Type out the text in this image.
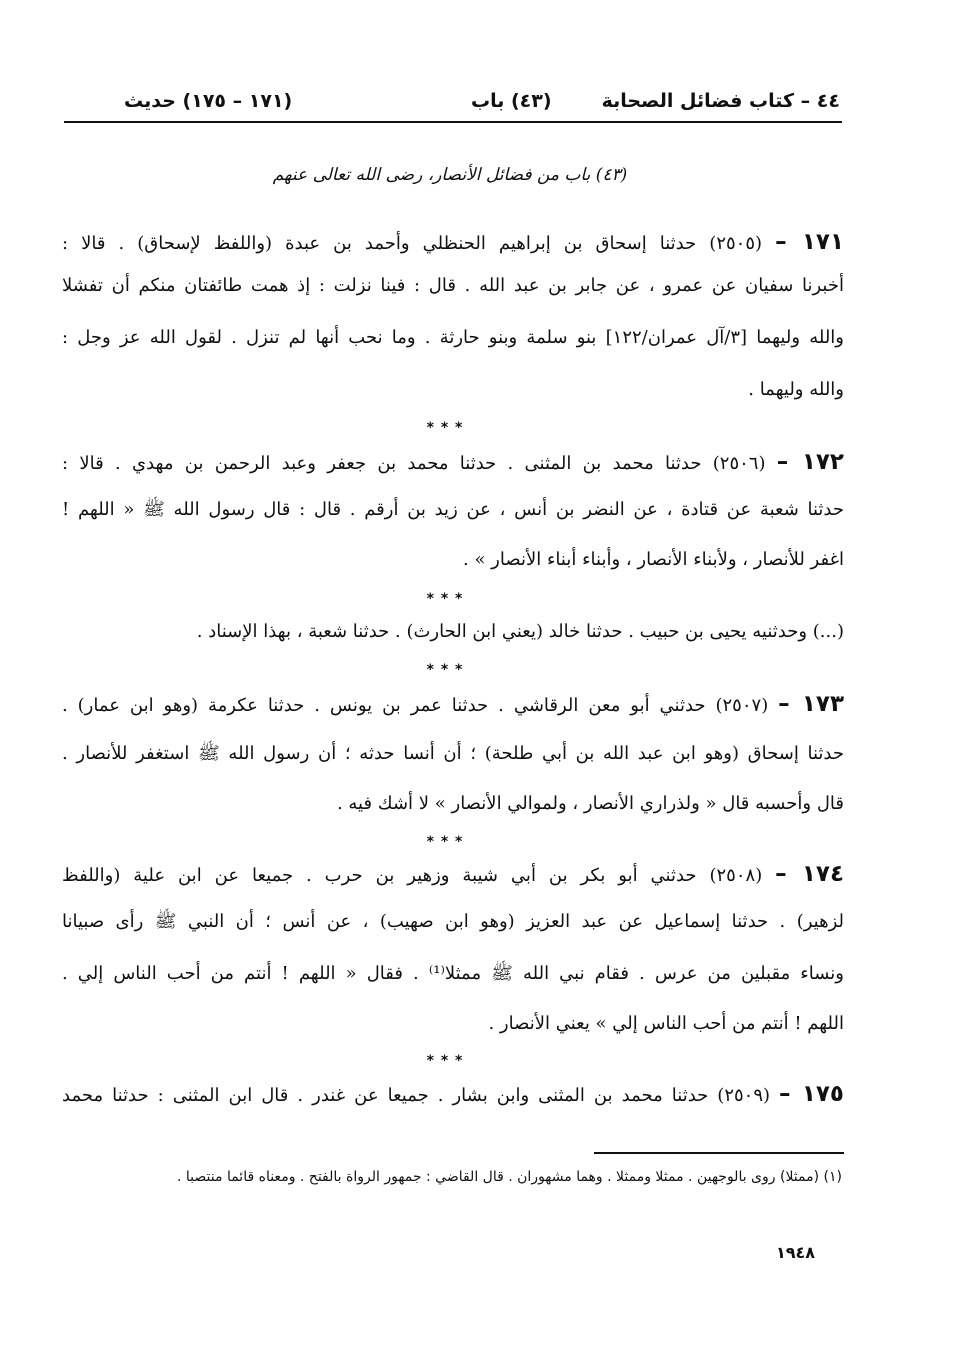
٤٤ – كتاب فضائل الصحابة
(٤٣) باب
(١٧١ – ١٧٥) حديث
(٤٣) باب من فضائل الأنصار، رضى الله تعالى عنهم
١٧١ – (٢٥٠٥) حدثنا إسحاق بن إبراهيم الحنظلي وأحمد بن عبدة (واللفظ لإسحاق) . قالا :
أخبرنا سفيان عن عمرو ، عن جابر بن عبد الله . قال : فينا نزلت : إذ همت طائفتان منكم أن تفشلا
والله وليهما [٣/آل عمران/١٢٢] بنو سلمة وبنو حارثة . وما نحب أنها لم تنزل . لقول الله عز وجل :
والله وليهما .
* * *
١٧٢ – (٢٥٠٦) حدثنا محمد بن المثنى . حدثنا محمد بن جعفر وعبد الرحمن بن مهدي . قالا :
حدثنا شعبة عن قتادة ، عن النضر بن أنس ، عن زيد بن أرقم . قال : قال رسول الله ﷺ « اللهم !
اغفر للأنصار ، ولأبناء الأنصار ، وأبناء أبناء الأنصار » .
* * *
(...) وحدثنيه يحيى بن حبيب . حدثنا خالد (يعني ابن الحارث) . حدثنا شعبة ، بهذا الإسناد .
* * *
١٧٣ – (٢٥٠٧) حدثني أبو معن الرقاشي . حدثنا عمر بن يونس . حدثنا عكرمة (وهو ابن عمار) .
حدثنا إسحاق (وهو ابن عبد الله بن أبي طلحة) ؛ أن أنسا حدثه ؛ أن رسول الله ﷺ استغفر للأنصار .
قال وأحسبه قال « ولذراري الأنصار ، ولموالي الأنصار » لا أشك فيه .
* * *
١٧٤ – (٢٥٠٨) حدثني أبو بكر بن أبي شيبة وزهير بن حرب . جميعا عن ابن علية (واللفظ
لزهير) . حدثنا إسماعيل عن عبد العزيز (وهو ابن صهيب) ، عن أنس ؛ أن النبي ﷺ رأى صبيانا
ونساء مقبلين من عرس . فقام نبي الله ﷺ ممثلا⁽¹⁾ . فقال « اللهم ! أنتم من أحب الناس إلي .
اللهم ! أنتم من أحب الناس إلي » يعني الأنصار .
* * *
١٧٥ – (٢٥٠٩) حدثنا محمد بن المثنى وابن بشار . جميعا عن غندر . قال ابن المثنى : حدثنا محمد
(١) (ممثلا) روى بالوجهين . ممثلا وممثلا . وهما مشهوران . قال القاضي : جمهور الرواة بالفتح . ومعناه قائما منتصبا .
١٩٤٨
